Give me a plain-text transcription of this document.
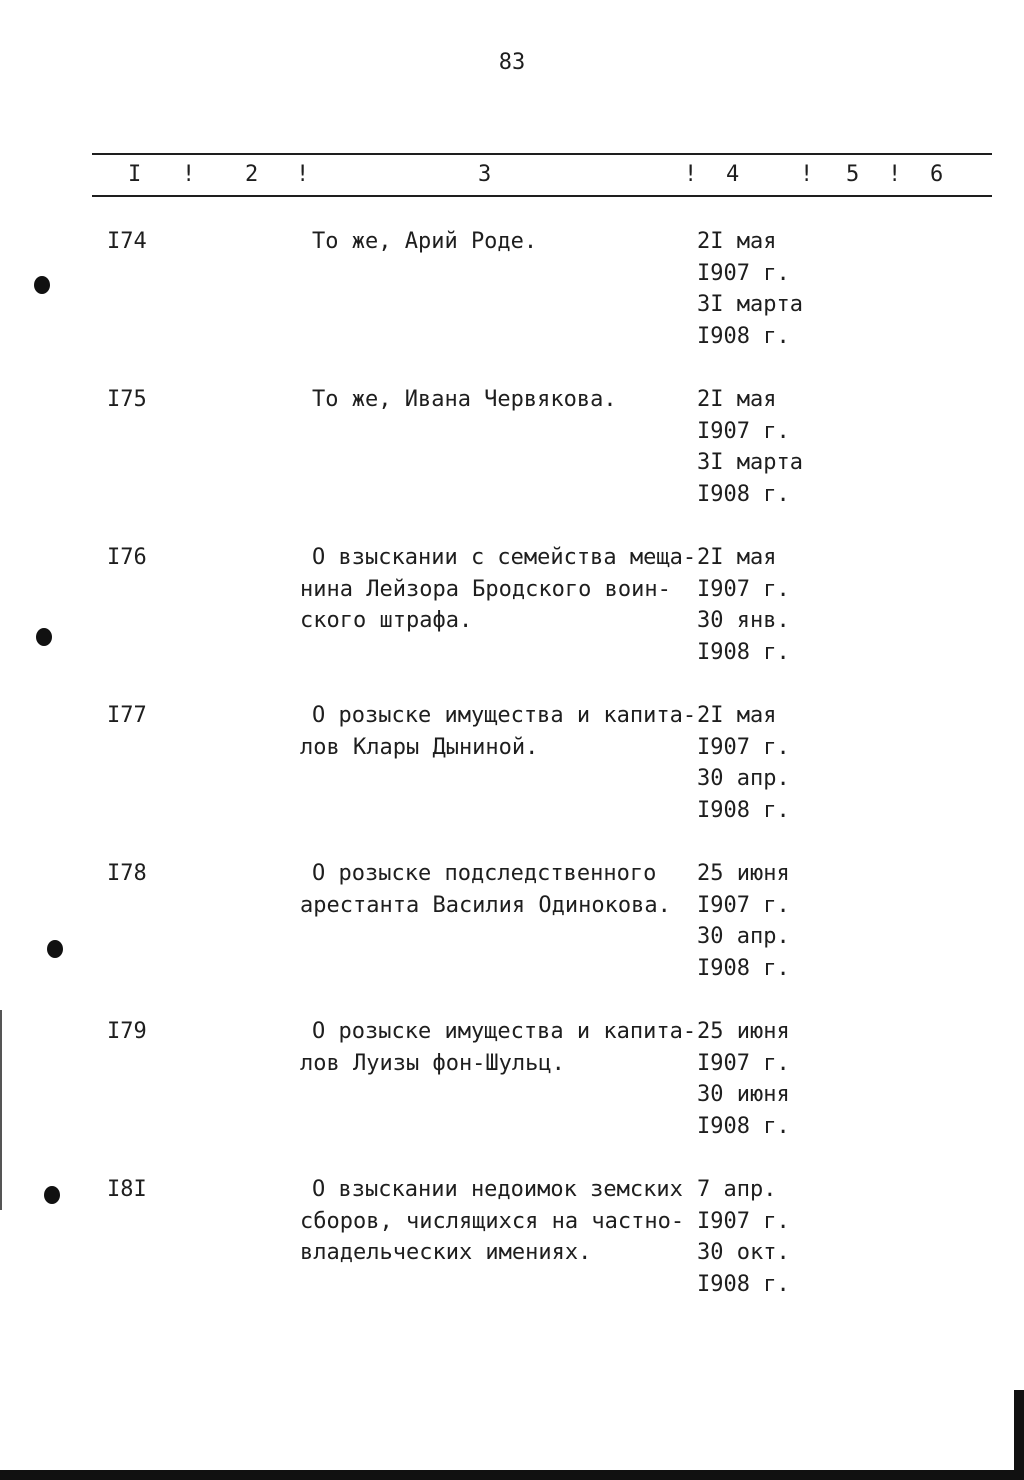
83
I ! 2 !	3	! 4	! 5 ! 6
I74	То же, Арий Роде.	2I мая
I907 г.
3I марта
I908 г.
I75	То же, Ивана Червякова.	2I мая
I907 г.
3I марта
I908 г.
I76	О взыскании с семейства меща-
нина Лейзора Бродского воин-
ского штрафа.
2I мая
I907 г.
30 янв.
I908 г.
I77	О розыске имущества и капита-
лов Клары Дыниной.
2I мая
I907 г.
30 апр.
I908 г.
I78	О розыске подследственного
арестанта Василия Одинокова.
25 июня
I907 г.
30 апр.
I908 г.
I79	О розыске имущества и капита-
лов Луизы фон-Шульц.
25 июня
I907 г.
30 июня
I908 г.
I8I	О взыскании недоимок земских
сборов, числящихся на частно-
владельческих имениях.
7 апр.
I907 г.
30 окт.
I908 г.
